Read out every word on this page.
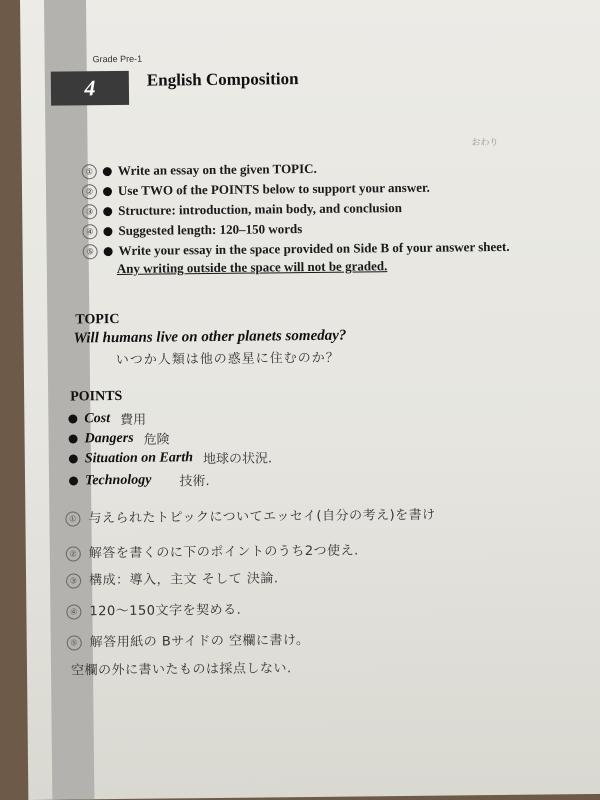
Grade Pre-1
4	English Composition
おわり
①	Write an essay on the given TOPIC.
②	Use TWO of the POINTS below to support your answer.
③	Structure: introduction, main body, and conclusion
④	Suggested length: 120–150 words
⑤	Write your essay in the space provided on Side B of your answer sheet.
Any writing outside the space will not be graded.
TOPIC
Will humans live on other planets someday?
いつか人類は他の惑星に住むのか？
POINTS
Cost 費用
Dangers 危険
Situation on Earth 地球の状況.
Technology 技術.
① 与えられたトピックについてエッセイ(自分の考え)を書け
② 解答を書くのに下のポイントのうち2つ使え.
③ 構成：導入，主文 そして 決論.
④ 120〜150文字を契める.
⑤ 解答用紙の Bサイドの 空欄に書け。
空欄の外に書いたものは採点しない.
